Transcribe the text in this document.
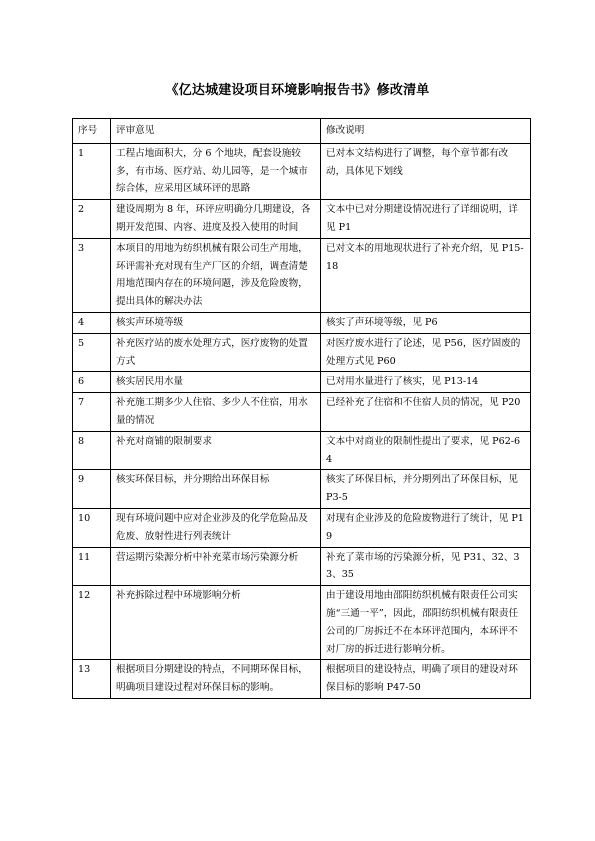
《亿达城建设项目环境影响报告书》修改清单
序号	评审意见	修改说明
1	工程占地面积大，分 6 个地块，配套设施较多，有市场、医疗站、幼儿园等，是一个城市综合体，应采用区域环评的思路	已对本文结构进行了调整，每个章节都有改动，具体见下划线
2	建设周期为 8 年，环评应明确分几期建设，各期开发范围、内容、进度及投入使用的时间	文本中已对分期建设情况进行了详细说明，详见 P1
3	本项目的用地为纺织机械有限公司生产用地，环评需补充对现有生产厂区的介绍，调查清楚用地范围内存在的环境问题，涉及危险废物，提出具体的解决办法	已对文本的用地现状进行了补充介绍，见 P15-18
4	核实声环境等级	核实了声环境等级，见 P6
5	补充医疗站的废水处理方式，医疗废物的处置方式	对医疗废水进行了论述，见 P56，医疗固废的处理方式见 P60
6	核实居民用水量	已对用水量进行了核实，见 P13-14
7	补充施工期多少人住宿、多少人不住宿，用水量的情况	已经补充了住宿和不住宿人员的情况，见 P20
8	补充对商铺的限制要求	文本中对商业的限制性提出了要求，见 P62-64
9	核实环保目标，并分期给出环保目标	核实了环保目标，并分期列出了环保目标，见 P3-5
10	现有环境问题中应对企业涉及的化学危险品及危废、放射性进行列表统计	对现有企业涉及的危险废物进行了统计，见 P19
11	营运期污染源分析中补充菜市场污染源分析	补充了菜市场的污染源分析，见 P31、32、33、35
12	补充拆除过程中环境影响分析	由于建设用地由邵阳纺织机械有限责任公司实施“三通一平”，因此，邵阳纺织机械有限责任公司的厂房拆迁不在本环评范围内，本环评不对厂房的拆迁进行影响分析。
13	根据项目分期建设的特点，不同期环保目标，明确项目建设过程对环保目标的影响。	根据项目的建设特点，明确了项目的建设对环保目标的影响 P47-50
